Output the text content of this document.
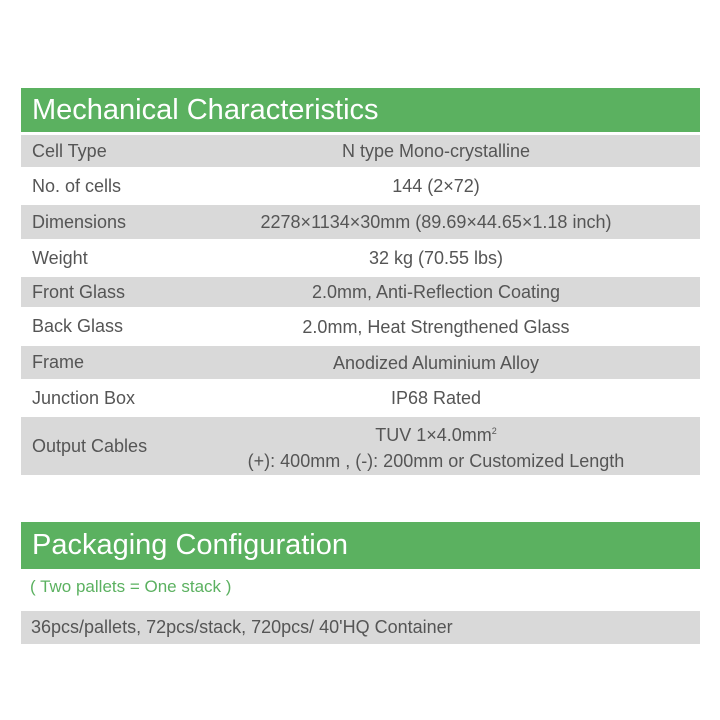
Mechanical Characteristics
Cell Type	N type Mono-crystalline
No. of cells	144 (2×72)
Dimensions	2278×1134×30mm (89.69×44.65×1.18 inch)
Weight	32 kg (70.55 lbs)
Front Glass	2.0mm, Anti-Reflection Coating
Back Glass	2.0mm, Heat Strengthened Glass
Frame	Anodized Aluminium Alloy
Junction Box	IP68 Rated
Output Cables	TUV $1\times 4.0mm^2$
(+): 400mm , (-): 200mm or Customized Length
Packaging Configuration
( Two pallets = One stack )
36pcs/pallets, 72pcs/stack, 720pcs/ 40'HQ Container
